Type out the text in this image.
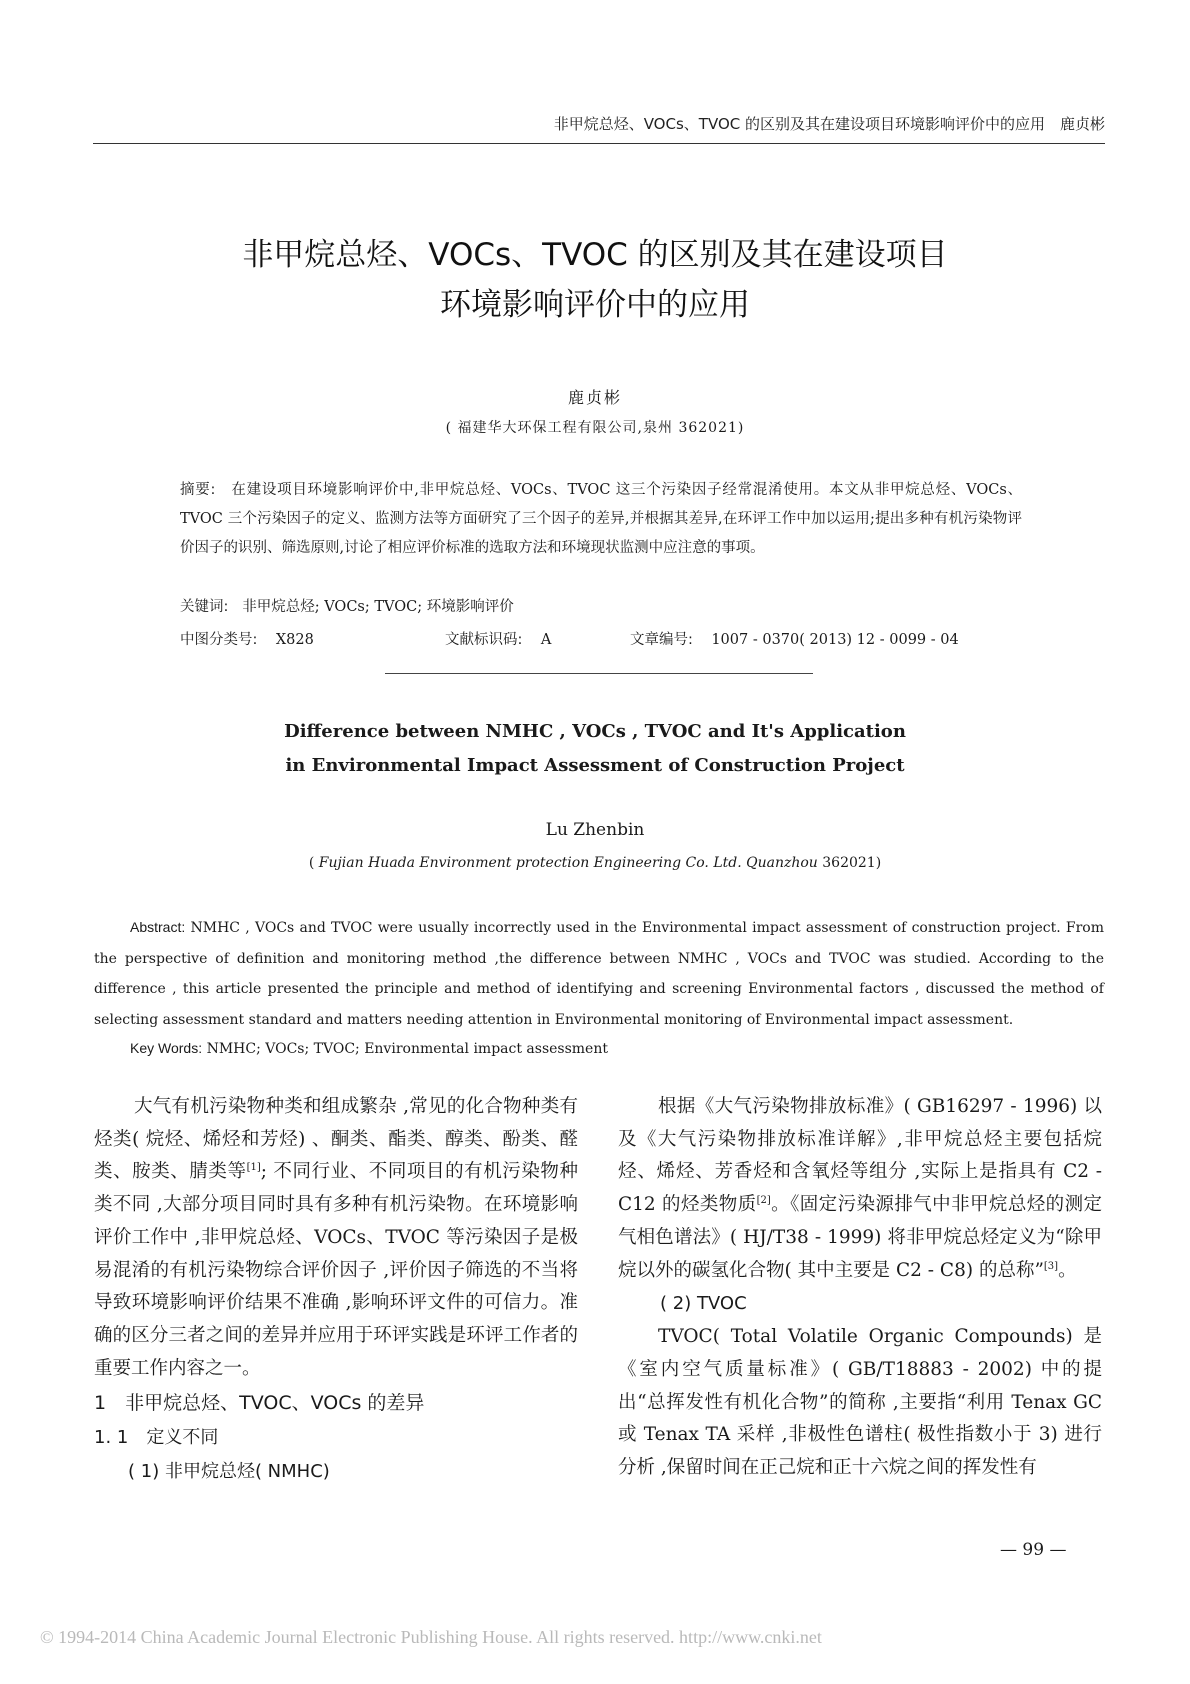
非甲烷总烃、VOCs、TVOC 的区别及其在建设项目环境影响评价中的应用　鹿贞彬
非甲烷总烃、VOCs、TVOC 的区别及其在建设项目
环境影响评价中的应用
鹿贞彬
( 福建华大环保工程有限公司,泉州 362021)
摘要: 在建设项目环境影响评价中,非甲烷总烃、VOCs、TVOC 这三个污染因子经常混淆使用。本文从非甲烷总烃、VOCs、TVOC 三个污染因子的定义、监测方法等方面研究了三个因子的差异,并根据其差异,在环评工作中加以运用;提出多种有机污染物评价因子的识别、筛选原则,讨论了相应评价标准的选取方法和环境现状监测中应注意的事项。
关键词: 非甲烷总烃; VOCs; TVOC; 环境影响评价
中图分类号: X828	文献标识码: A	文章编号: 1007 - 0370( 2013) 12 - 0099 - 04
Difference between NMHC , VOCs , TVOC and It's Application
in Environmental Impact Assessment of Construction Project
Lu Zhenbin
( Fujian Huada Environment protection Engineering Co. Ltd. Quanzhou 362021)
Abstract: NMHC , VOCs and TVOC were usually incorrectly used in the Environmental impact assessment of construction project. From the perspective of definition and monitoring method ,the difference between NMHC , VOCs and TVOC was studied. According to the difference , this article presented the principle and method of identifying and screening Environmental factors , discussed the method of selecting assessment standard and matters needing attention in Environmental monitoring of Environmental impact assessment.
Key Words: NMHC; VOCs; TVOC; Environmental impact assessment

大气有机污染物种类和组成繁杂 ,常见的化合物种类有烃类( 烷烃、烯烃和芳烃) 、酮类、酯类、醇类、酚类、醛类、胺类、腈类等[1]; 不同行业、不同项目的有机污染物种类不同 ,大部分项目同时具有多种有机污染物。在环境影响评价工作中 ,非甲烷总烃、VOCs、TVOC 等污染因子是极易混淆的有机污染物综合评价因子 ,评价因子筛选的不当将导致环境影响评价结果不准确 ,影响环评文件的可信力。准确的区分三者之间的差异并应用于环评实践是环评工作者的重要工作内容之一。

1　非甲烷总烃、TVOC、VOCs 的差异
1. 1　定义不同
( 1) 非甲烷总烃( NMHC)

根据《大气污染物排放标准》( GB16297 - 1996) 以及《大气污染物排放标准详解》,非甲烷总烃主要包括烷烃、烯烃、芳香烃和含氧烃等组分 ,实际上是指具有 C2 - C12 的烃类物质[2]。《固定污染源排气中非甲烷总烃的测定 气相色谱法》( HJ/T38 - 1999) 将非甲烷总烃定义为“除甲烷以外的碳氢化合物( 其中主要是 C2 - C8) 的总称”[3]。

( 2) TVOC

TVOC( Total Volatile Organic Compounds) 是《室内空气质量标准》( GB/T18883 - 2002) 中的提出“总挥发性有机化合物”的简称 ,主要指“利用 Tenax GC 或 Tenax TA 采样 ,非极性色谱柱( 极性指数小于 3) 进行分析 ,保留时间在正己烷和正十六烷之间的挥发性有

— 99 —
© 1994-2014 China Academic Journal Electronic Publishing House. All rights reserved. http://www.cnki.net
